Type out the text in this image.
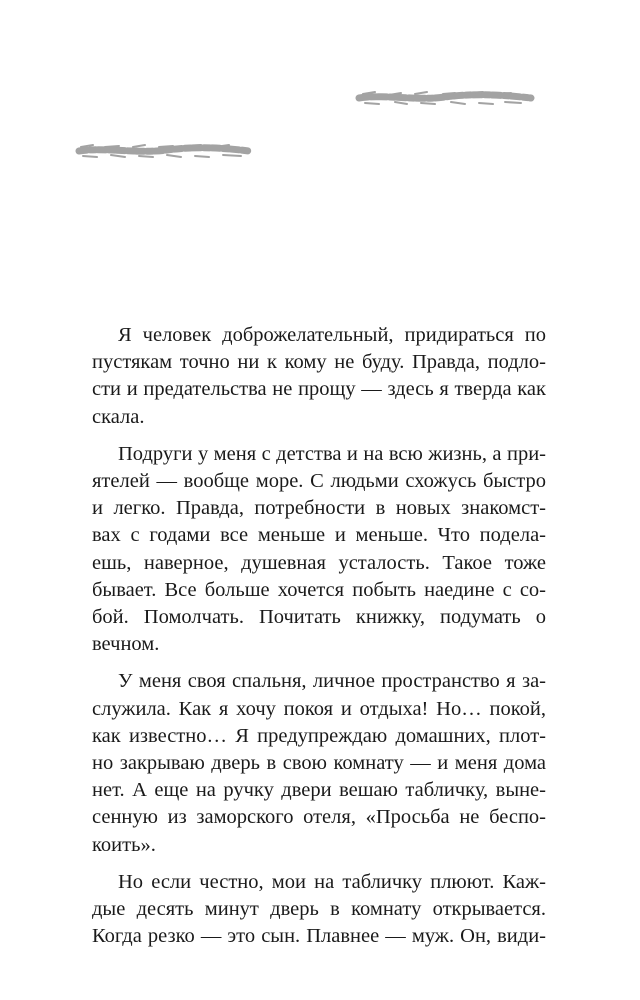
Я человек доброжелательный, придираться по
пустякам точно ни к кому не буду. Правда, подло-
сти и предательства не прощу — здесь я тверда как
скала.
Подруги у меня с детства и на всю жизнь, а при-
ятелей — вообще море. С людьми схожусь быстро
и легко. Правда, потребности в новых знакомст-
вах с годами все меньше и меньше. Что подела-
ешь, наверное, душевная усталость. Такое тоже
бывает. Все больше хочется побыть наедине с со-
бой. Помолчать. Почитать книжку, подумать о
вечном.
У меня своя спальня, личное пространство я за-
служила. Как я хочу покоя и отдыха! Но… покой,
как известно… Я предупреждаю домашних, плот-
но закрываю дверь в свою комнату — и меня дома
нет. А еще на ручку двери вешаю табличку, выне-
сенную из заморского отеля, «Просьба не беспо-
коить».
Но если честно, мои на табличку плюют. Каж-
дые десять минут дверь в комнату открывается.
Когда резко — это сын. Плавнее — муж. Он, види-
